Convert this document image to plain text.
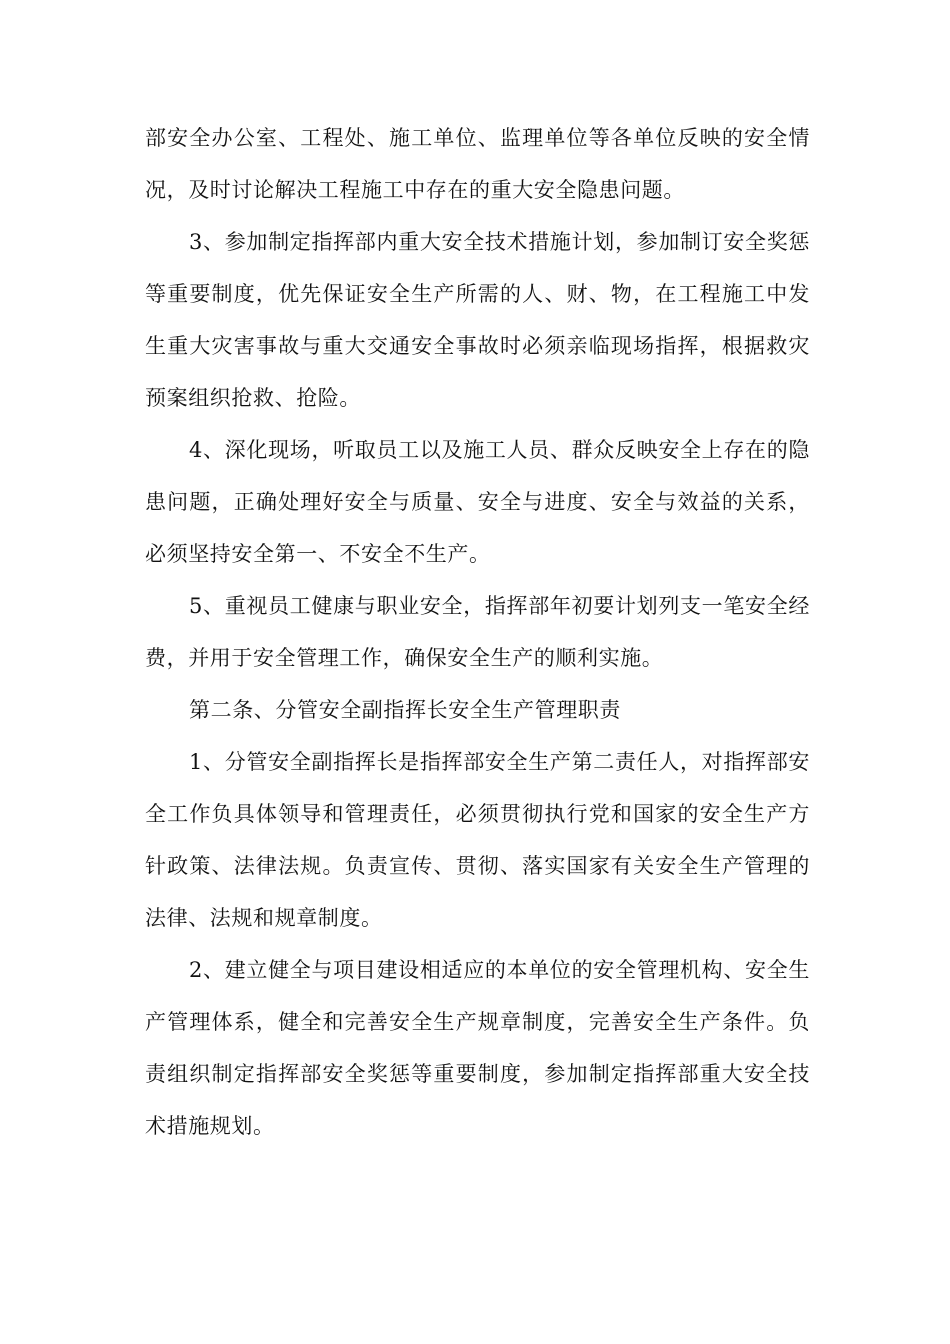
部安全办公室、工程处、施工单位、监理单位等各单位反映的安全情况，及时讨论解决工程施工中存在的重大安全隐患问题。

3、参加制定指挥部内重大安全技术措施计划，参加制订安全奖惩等重要制度，优先保证安全生产所需的人、财、物，在工程施工中发生重大灾害事故与重大交通安全事故时必须亲临现场指挥，根据救灾预案组织抢救、抢险。

4、深化现场，听取员工以及施工人员、群众反映安全上存在的隐患问题，正确处理好安全与质量、安全与进度、安全与效益的关系，必须坚持安全第一、不安全不生产。

5、重视员工健康与职业安全，指挥部年初要计划列支一笔安全经费，并用于安全管理工作，确保安全生产的顺利实施。

第二条、分管安全副指挥长安全生产管理职责

1、分管安全副指挥长是指挥部安全生产第二责任人，对指挥部安全工作负具体领导和管理责任，必须贯彻执行党和国家的安全生产方针政策、法律法规。负责宣传、贯彻、落实国家有关安全生产管理的法律、法规和规章制度。

2、建立健全与项目建设相适应的本单位的安全管理机构、安全生产管理体系，健全和完善安全生产规章制度，完善安全生产条件。负责组织制定指挥部安全奖惩等重要制度，参加制定指挥部重大安全技术措施规划。
